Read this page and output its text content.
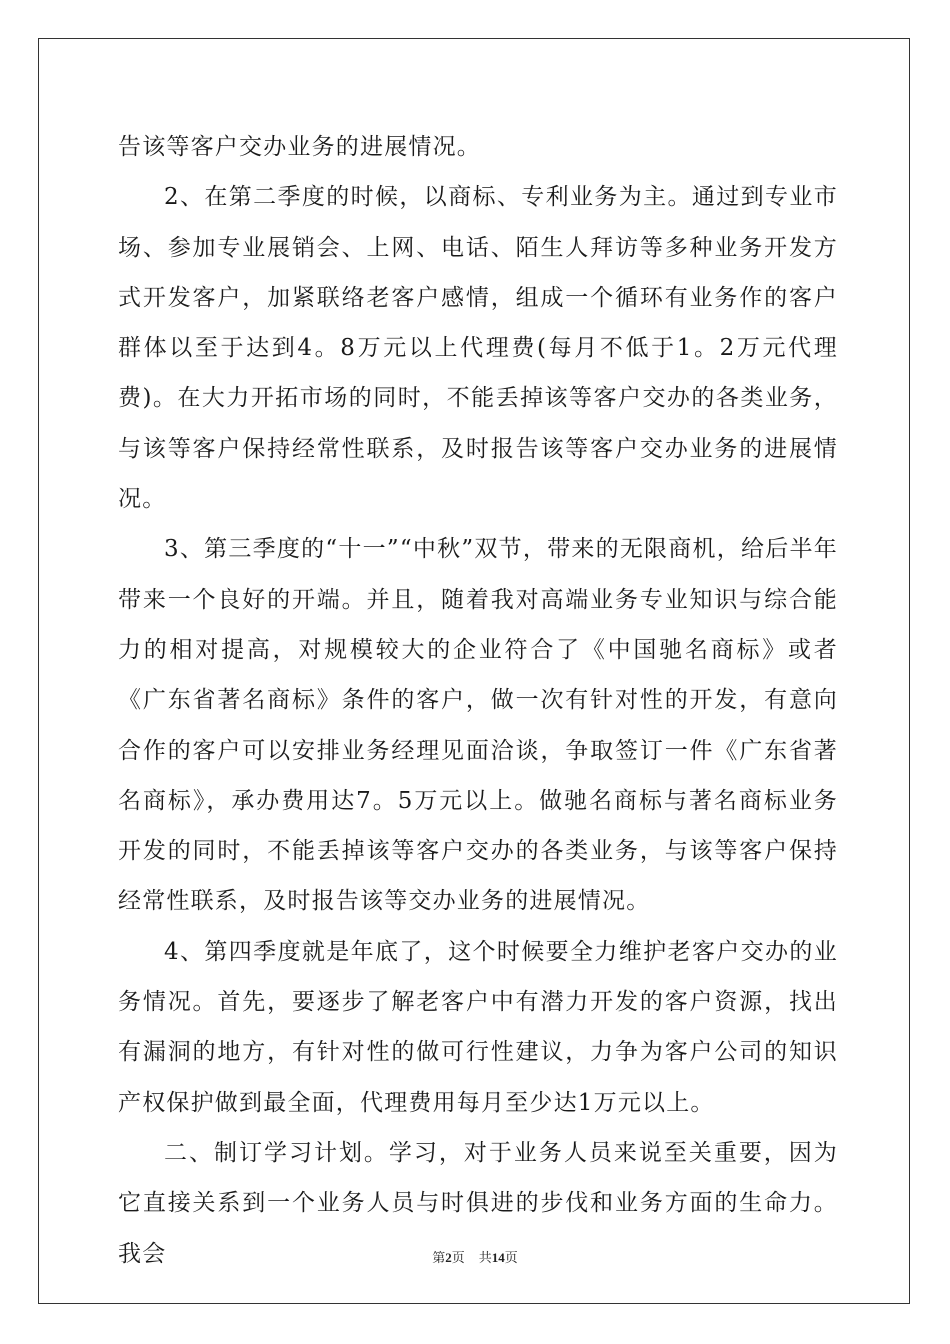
告该等客户交办业务的进展情况。

2、在第二季度的时候，以商标、专利业务为主。通过到专业市场、参加专业展销会、上网、电话、陌生人拜访等多种业务开发方式开发客户，加紧联络老客户感情，组成一个循环有业务作的客户群体以至于达到4。8万元以上代理费(每月不低于1。2万元代理费)。在大力开拓市场的同时，不能丢掉该等客户交办的各类业务，与该等客户保持经常性联系，及时报告该等客户交办业务的进展情况。

3、第三季度的“十一”“中秋”双节，带来的无限商机，给后半年带来一个良好的开端。并且，随着我对高端业务专业知识与综合能力的相对提高，对规模较大的企业符合了《中国驰名商标》或者《广东省著名商标》条件的客户，做一次有针对性的开发，有意向合作的客户可以安排业务经理见面洽谈，争取签订一件《广东省著名商标》，承办费用达7。5万元以上。做驰名商标与著名商标业务开发的同时，不能丢掉该等客户交办的各类业务，与该等客户保持经常性联系，及时报告该等交办业务的进展情况。

4、第四季度就是年底了，这个时候要全力维护老客户交办的业务情况。首先，要逐步了解老客户中有潜力开发的客户资源，找出有漏洞的地方，有针对性的做可行性建议，力争为客户公司的知识产权保护做到最全面，代理费用每月至少达1万元以上。

二、制订学习计划。学习，对于业务人员来说至关重要，因为它直接关系到一个业务人员与时俱进的步伐和业务方面的生命力。我会	第2页 共14页
